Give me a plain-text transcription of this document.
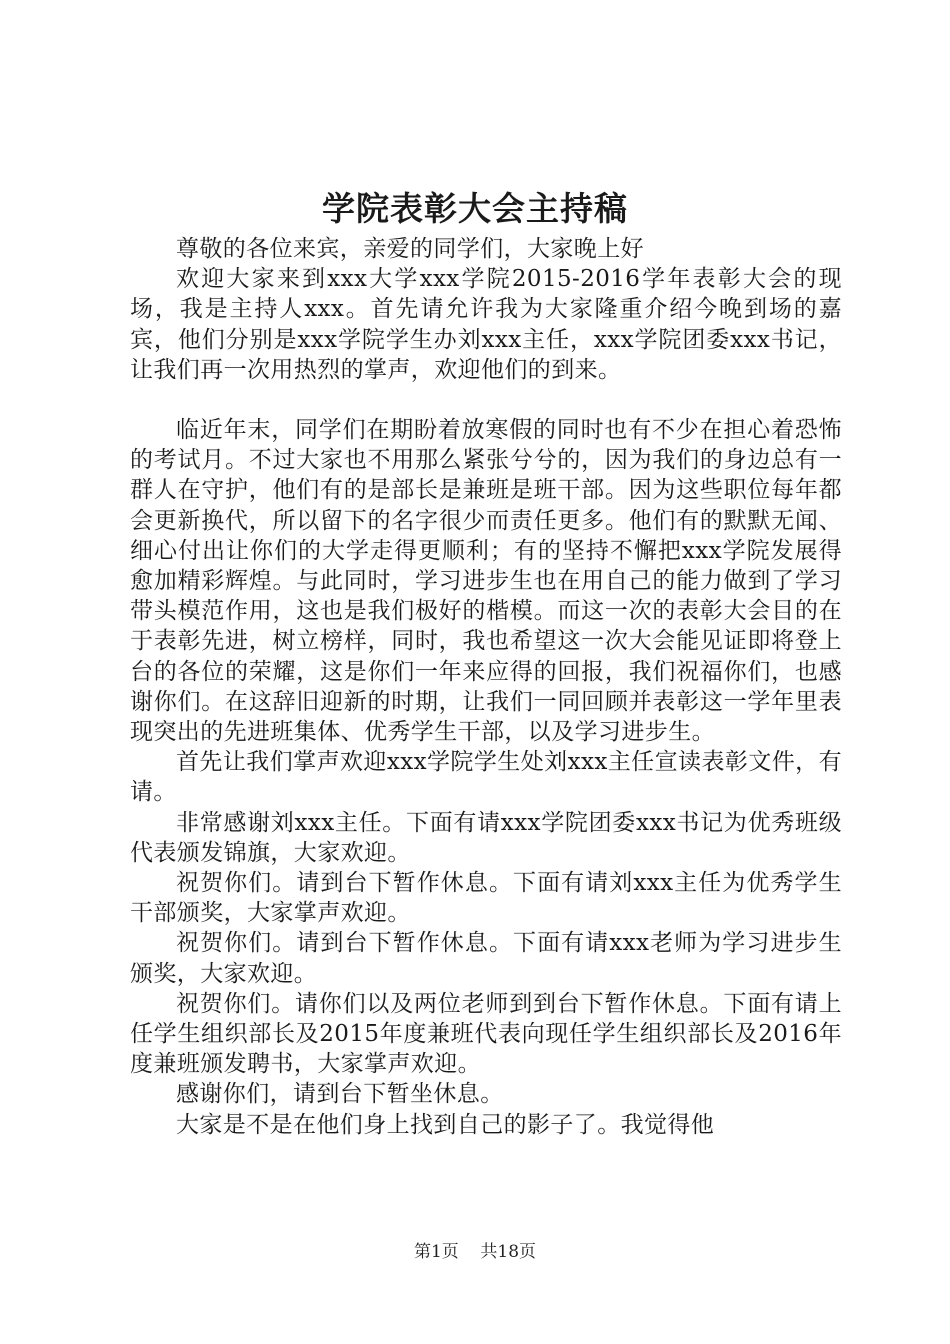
学院表彰大会主持稿

尊敬的各位来宾，亲爱的同学们，大家晚上好

欢迎大家来到xxx大学xxx学院2015-2016学年表彰大会的现场，我是主持人xxx。首先请允许我为大家隆重介绍今晚到场的嘉宾，他们分别是xxx学院学生办刘xxx主任，xxx学院团委xxx书记，让我们再一次用热烈的掌声，欢迎他们的到来。

临近年末，同学们在期盼着放寒假的同时也有不少在担心着恐怖的考试月。不过大家也不用那么紧张兮兮的，因为我们的身边总有一群人在守护，他们有的是部长是兼班是班干部。因为这些职位每年都会更新换代，所以留下的名字很少而责任更多。他们有的默默无闻、细心付出让你们的大学走得更顺利；有的坚持不懈把xxx学院发展得愈加精彩辉煌。与此同时，学习进步生也在用自己的能力做到了学习带头模范作用，这也是我们极好的楷模。而这一次的表彰大会目的在于表彰先进，树立榜样，同时，我也希望这一次大会能见证即将登上台的各位的荣耀，这是你们一年来应得的回报，我们祝福你们，也感谢你们。在这辞旧迎新的时期，让我们一同回顾并表彰这一学年里表现突出的先进班集体、优秀学生干部，以及学习进步生。

首先让我们掌声欢迎xxx学院学生处刘xxx主任宣读表彰文件，有请。

非常感谢刘xxx主任。下面有请xxx学院团委xxx书记为优秀班级代表颁发锦旗，大家欢迎。

祝贺你们。请到台下暂作休息。下面有请刘xxx主任为优秀学生干部颁奖，大家掌声欢迎。

祝贺你们。请到台下暂作休息。下面有请xxx老师为学习进步生颁奖，大家欢迎。

祝贺你们。请你们以及两位老师到到台下暂作休息。下面有请上任学生组织部长及2015年度兼班代表向现任学生组织部长及2016年度兼班颁发聘书，大家掌声欢迎。

感谢你们，请到台下暂坐休息。

大家是不是在他们身上找到自己的影子了。我觉得他

第1页 共18页
